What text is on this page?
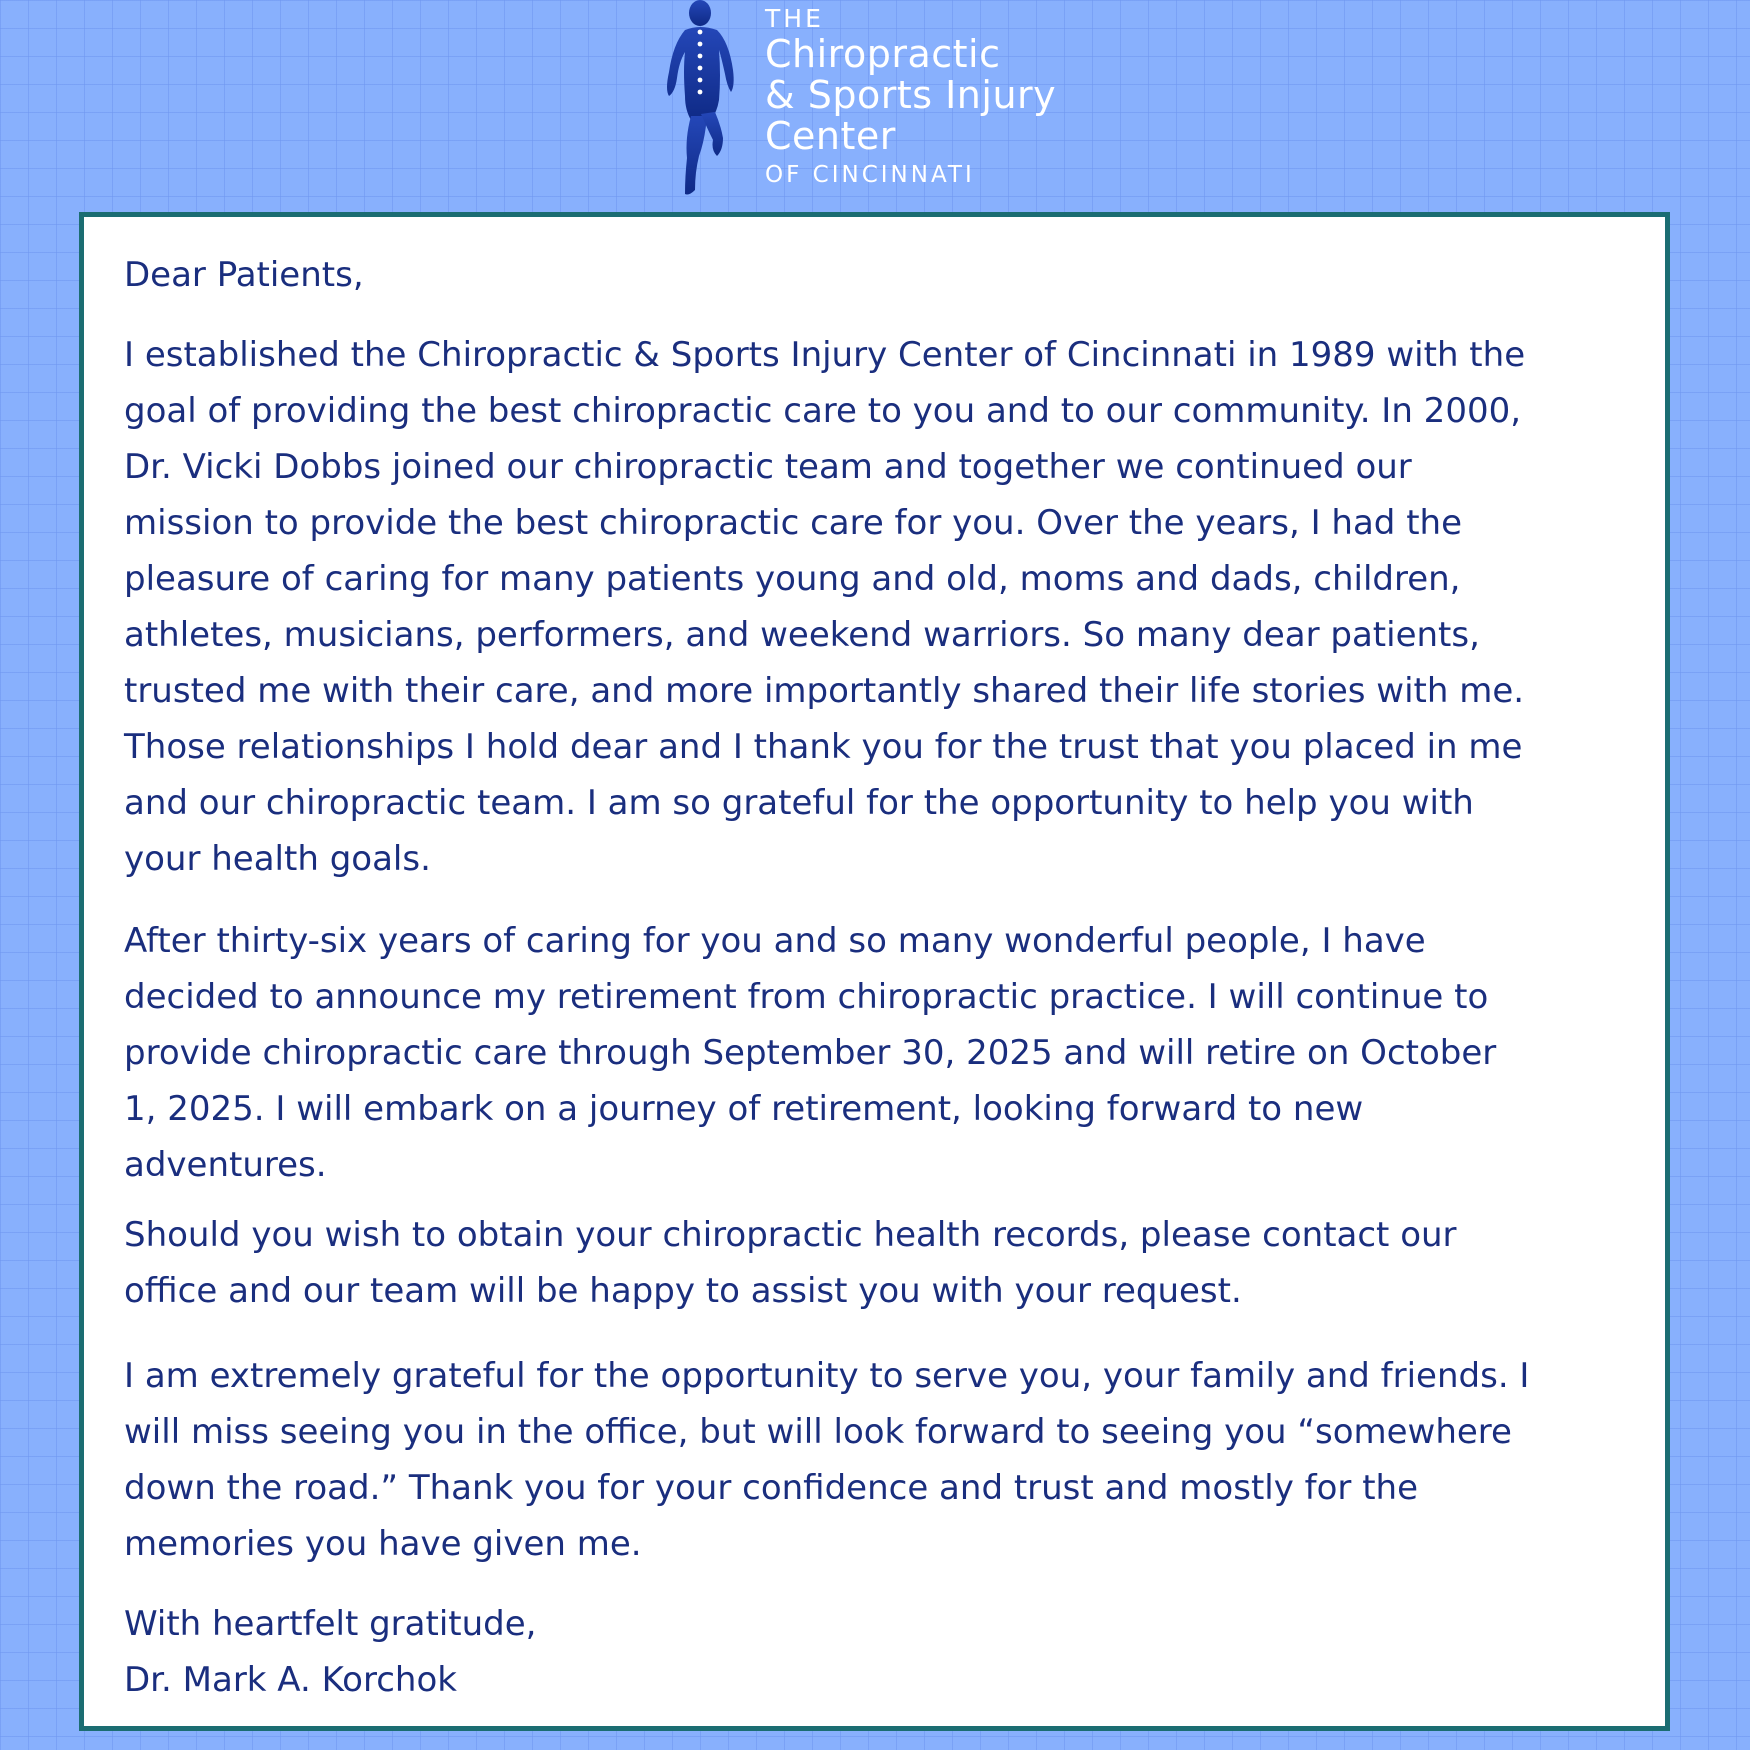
THE
Chiropractic
& Sports Injury
Center
OF CINCINNATI

Dear Patients,

I established the Chiropractic & Sports Injury Center of Cincinnati in 1989 with the

goal of providing the best chiropractic care to you and to our community. In 2000,

Dr. Vicki Dobbs joined our chiropractic team and together we continued our

mission to provide the best chiropractic care for you. Over the years, I had the

pleasure of caring for many patients young and old, moms and dads, children,

athletes, musicians, performers, and weekend warriors. So many dear patients,

trusted me with their care, and more importantly shared their life stories with me.

Those relationships I hold dear and I thank you for the trust that you placed in me

and our chiropractic team. I am so grateful for the opportunity to help you with

your health goals.

After thirty-six years of caring for you and so many wonderful people, I have

decided to announce my retirement from chiropractic practice. I will continue to

provide chiropractic care through September 30, 2025 and will retire on October

1, 2025. I will embark on a journey of retirement, looking forward to new

adventures.

Should you wish to obtain your chiropractic health records, please contact our

office and our team will be happy to assist you with your request.

I am extremely grateful for the opportunity to serve you, your family and friends. I

will miss seeing you in the office, but will look forward to seeing you “somewhere

down the road.” Thank you for your confidence and trust and mostly for the

memories you have given me.

With heartfelt gratitude,

Dr. Mark A. Korchok
